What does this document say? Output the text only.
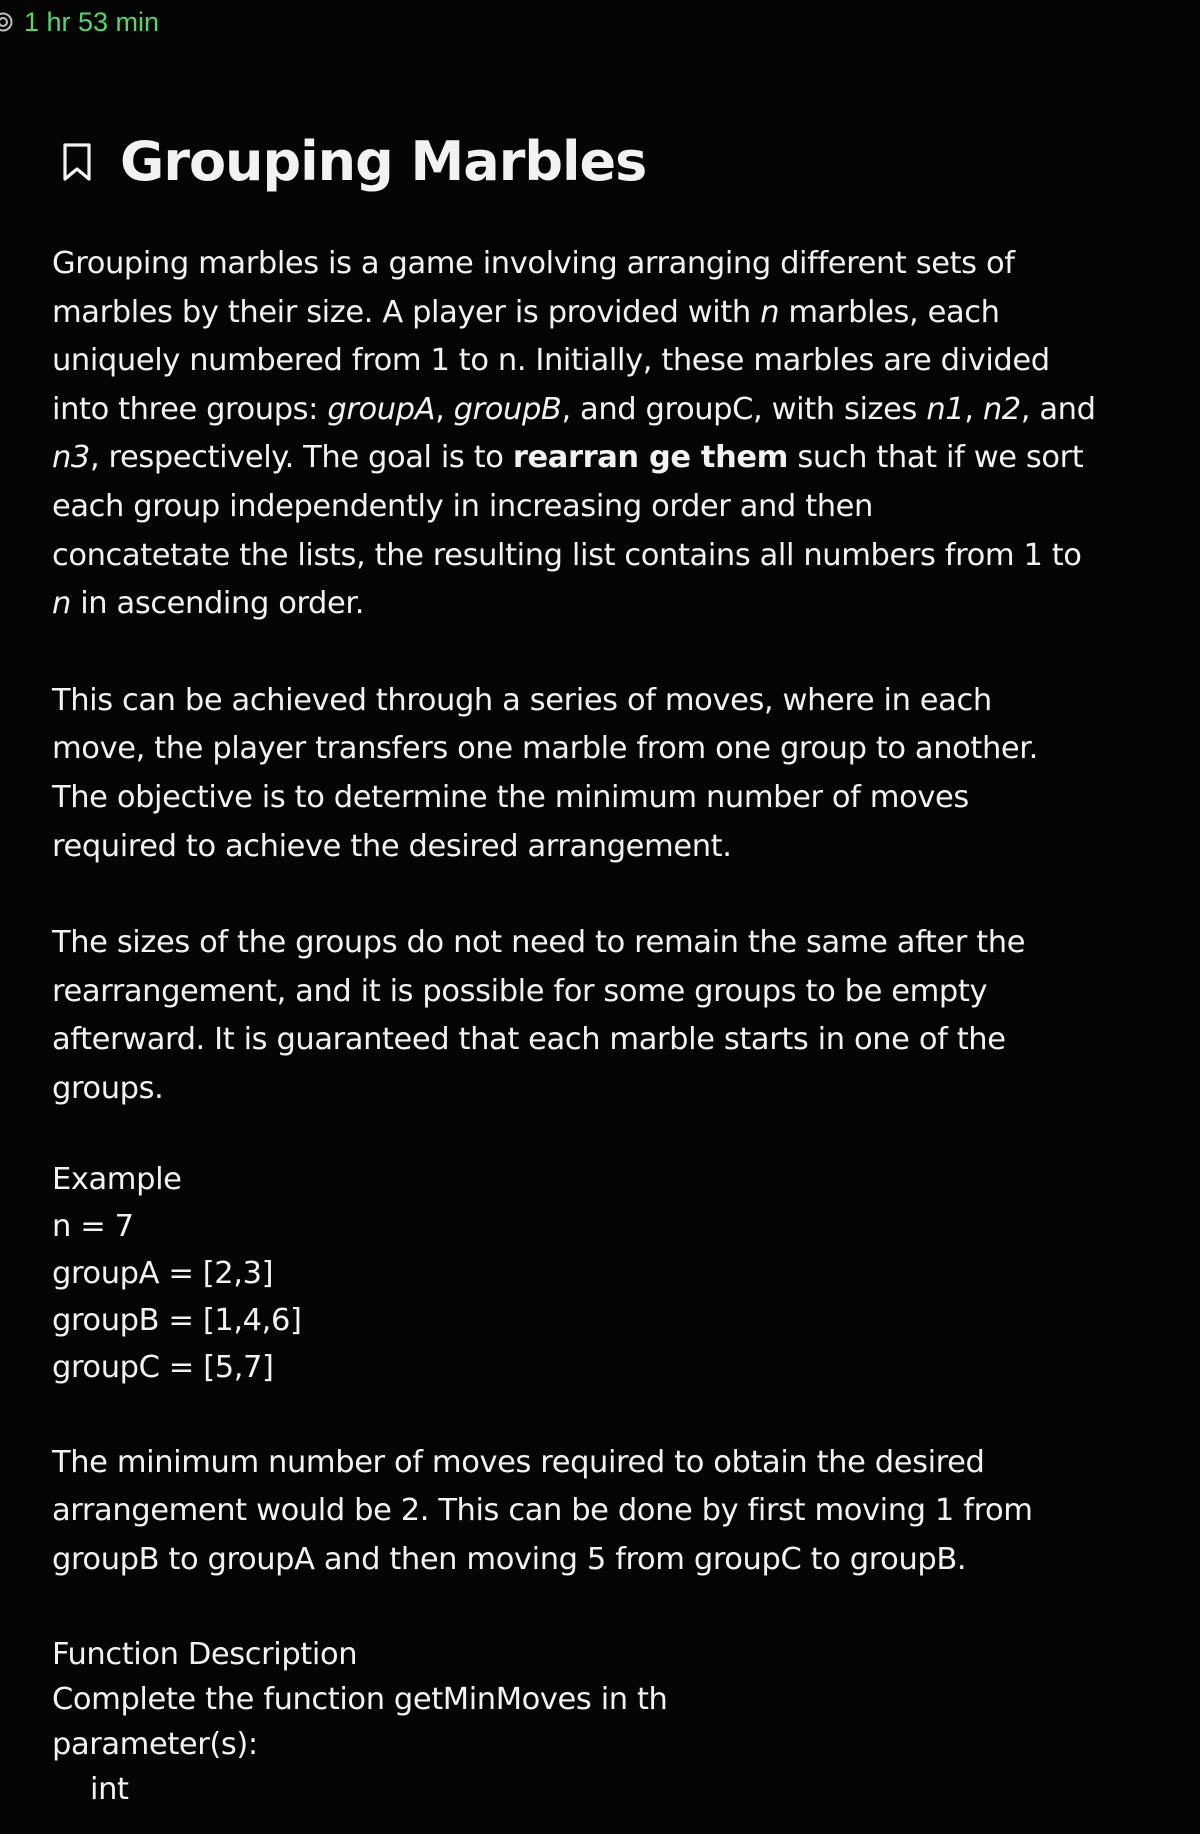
1 hr 53 min
Grouping Marbles

Grouping marbles is a game involving arranging different sets of
marbles by their size. A player is provided with n marbles, each
uniquely numbered from 1 to n. Initially, these marbles are divided
into three groups: groupA, groupB, and groupC, with sizes n1, n2, and
n3, respectively. The goal is to rearran ge them such that if we sort
each group independently in increasing order and then
concatetate the lists, the resulting list contains all numbers from 1 to
n in ascending order.

This can be achieved through a series of moves, where in each
move, the player transfers one marble from one group to another.
The objective is to determine the minimum number of moves
required to achieve the desired arrangement.

The sizes of the groups do not need to remain the same after the
rearrangement, and it is possible for some groups to be empty
afterward. It is guaranteed that each marble starts in one of the
groups.

Example
n = 7
groupA = [2,3]
groupB = [1,4,6]
groupC = [5,7]

The minimum number of moves required to obtain the desired
arrangement would be 2. This can be done by first moving 1 from
groupB to groupA and then moving 5 from groupC to groupB.

Function Description
Complete the function getMinMoves in th
parameter(s):
int
